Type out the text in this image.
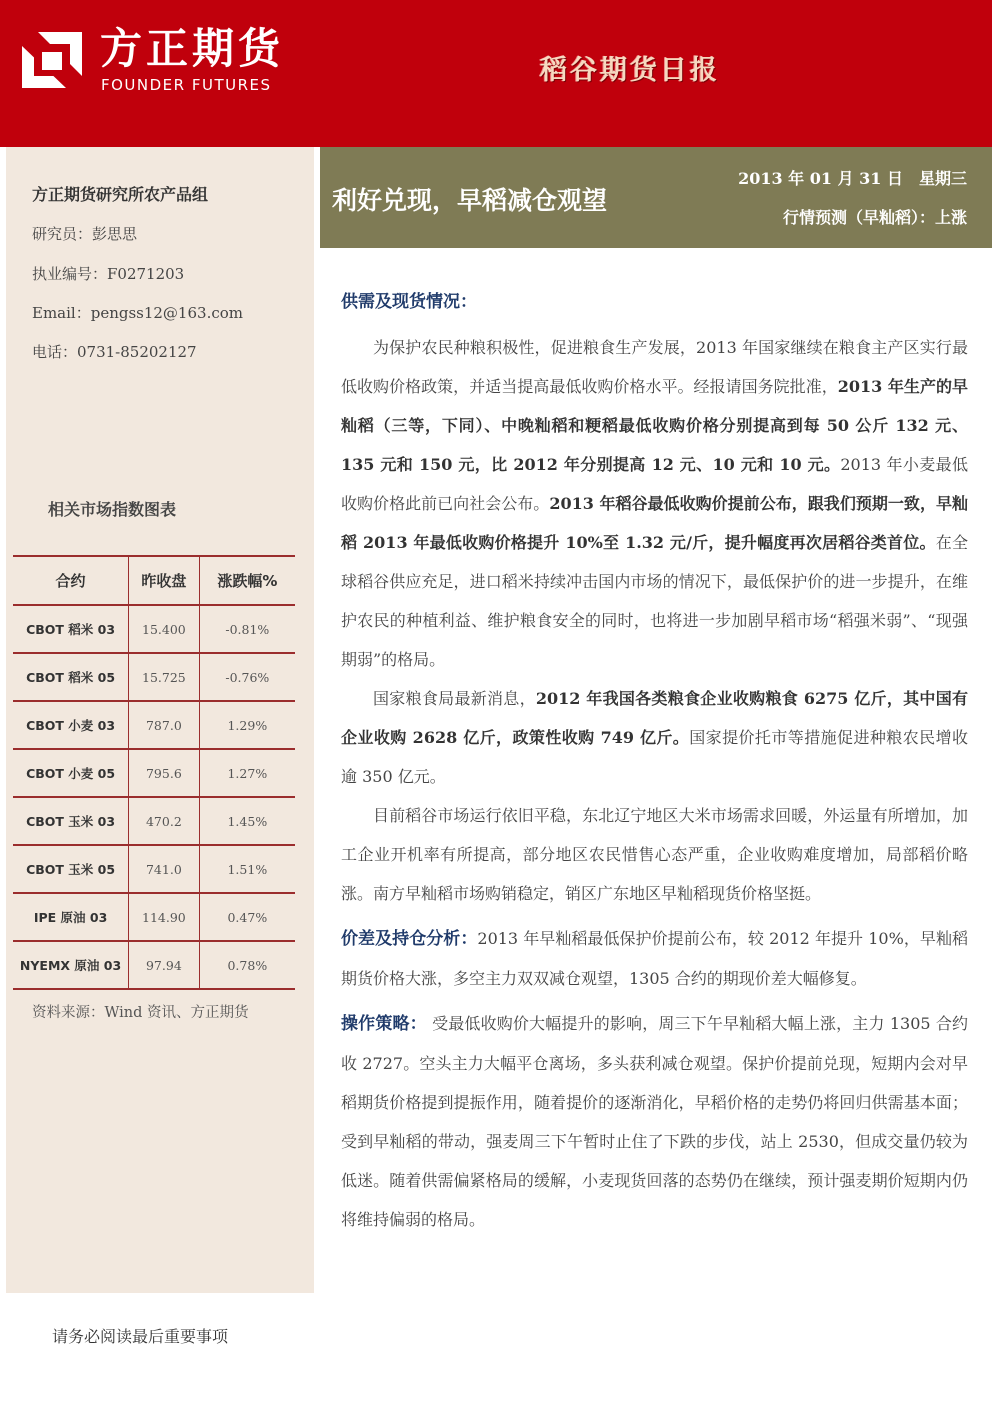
方正期货
FOUNDER FUTURES	稻谷期货日报
方正期货研究所农产品组
研究员：彭思思
执业编号：F0271203
Email：pengss12@163.com
电话：0731-85202127
相关市场指数图表
合约	昨收盘	涨跌幅%
CBOT 稻米 03	15.400	-0.81%
CBOT 稻米 05	15.725	-0.76%
CBOT 小麦 03	787.0	1.29%
CBOT 小麦 05	795.6	1.27%
CBOT 玉米 03	470.2	1.45%
CBOT 玉米 05	741.0	1.51%
IPE 原油 03	114.90	0.47%
NYEMX 原油 03	97.94	0.78%
资料来源：Wind 资讯、方正期货
利好兑现，早稻减仓观望
2013 年 01 月 31 日　星期三
行情预测（早籼稻）：上涨

供需及现货情况：

为保护农民种粮积极性，促进粮食生产发展，2013 年国家继续在粮食主产区实行最低收购价格政策，并适当提高最低收购价格水平。经报请国务院批准，2013 年生产的早籼稻（三等，下同）、中晚籼稻和粳稻最低收购价格分别提高到每 50 公斤 132 元、135 元和 150 元，比 2012 年分别提高 12 元、10 元和 10 元。2013 年小麦最低收购价格此前已向社会公布。2013 年稻谷最低收购价提前公布，跟我们预期一致，早籼稻 2013 年最低收购价格提升 10%至 1.32 元/斤，提升幅度再次居稻谷类首位。在全球稻谷供应充足，进口稻米持续冲击国内市场的情况下，最低保护价的进一步提升，在维护农民的种植利益、维护粮食安全的同时，也将进一步加剧早稻市场“稻强米弱”、“现强期弱”的格局。

国家粮食局最新消息，2012 年我国各类粮食企业收购粮食 6275 亿斤，其中国有企业收购 2628 亿斤，政策性收购 749 亿斤。国家提价托市等措施促进种粮农民增收逾 350 亿元。

目前稻谷市场运行依旧平稳，东北辽宁地区大米市场需求回暖，外运量有所增加，加工企业开机率有所提高，部分地区农民惜售心态严重，企业收购难度增加，局部稻价略涨。南方早籼稻市场购销稳定，销区广东地区早籼稻现货价格坚挺。

价差及持仓分析：2013 年早籼稻最低保护价提前公布，较 2012 年提升 10%，早籼稻期货价格大涨，多空主力双双减仓观望，1305 合约的期现价差大幅修复。

操作策略： 受最低收购价大幅提升的影响，周三下午早籼稻大幅上涨，主力 1305 合约收 2727。空头主力大幅平仓离场，多头获利减仓观望。保护价提前兑现，短期内会对早稻期货价格提到提振作用，随着提价的逐渐消化，早稻价格的走势仍将回归供需基本面；受到早籼稻的带动，强麦周三下午暂时止住了下跌的步伐，站上 2530，但成交量仍较为低迷。随着供需偏紧格局的缓解，小麦现货回落的态势仍在继续，预计强麦期价短期内仍将维持偏弱的格局。

请务必阅读最后重要事项
